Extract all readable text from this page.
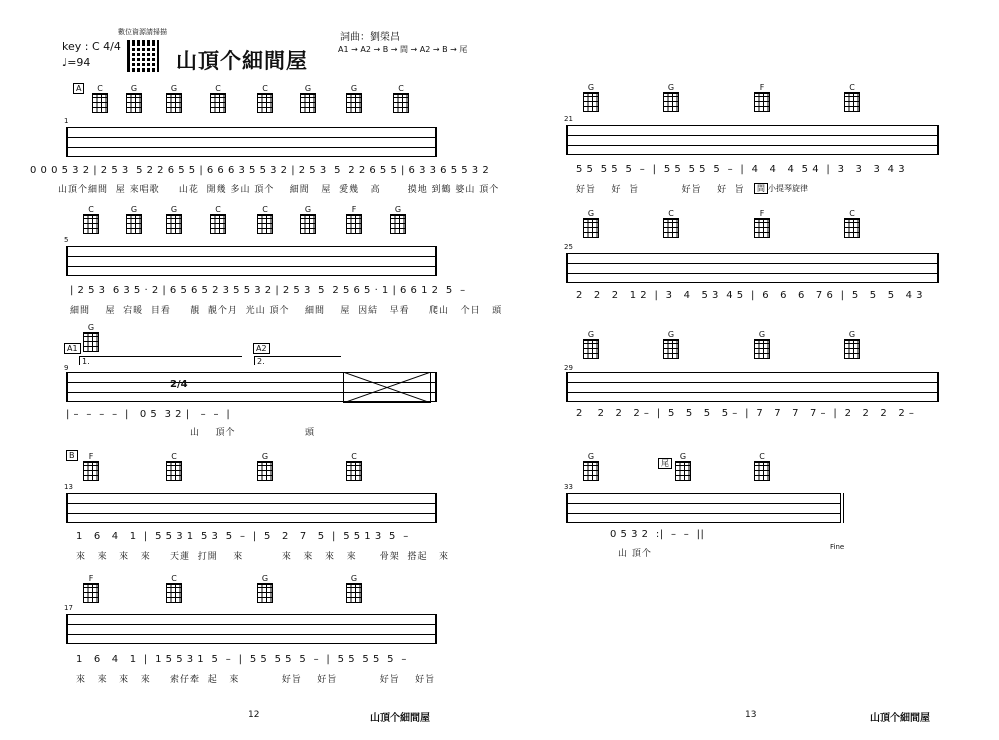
key : C 4/4
♩=94
數位資源請掃描
山頂个細間屋
詞曲：劉榮昌
A1 → A2 → B → 間 → A2 → B → 尾
A	C	G	G	C	C	G	G	C
1
0 0 0 5 3 2 | 2 5 3  5 2 2 6 5 5 | 6 6 6 3 5 5 3 2 | 2 5 3  5  2 2 6 5 5 | 6 3 3 6 5 5 3 2
山頂个細間  屋 來唱歌     山花  開幾 多山 頂个    細間   屋  愛幾   高       摸地 到鶴 婆山 頂个
C	G	G	C	C	G	F	G
5
| 2 5 3  6 3 5 · 2 | 6 5 6 5 2 3 5 5 3 2 | 2 5 3  5  2 5 6 5 · 1 | 6 6 1 2  5  –
細間    屋  宕暖  目看     靚  靚个月  光山 頂个    細間    屋  因結   早看     爬山   个日   頭
A1	A2
G
1.	2.
9
2/4
| –  –  –  –  |   0 5  3 2 |   –  –  |
山    頂个                  頭
B	F	C	G	C
13
1   6   4   1  |  5 5 3 1  5 3  5  –  |  5   2   7   5  |  5 5 1 3  5  –
來   來   來   來     天蓮  打開    來          來   來   來   來      骨架  搭起   來
F	C	G	G
17
1   6   4   1  |  1 5 5 3 1  5  –  |  5 5  5 5  5  –  |  5 5  5 5  5  –
來   來   來   來     索仔牽  起   來           好旨    好旨           好旨    好旨
12	山頂个細間屋
G	G	F	C
21
5 5  5 5  5  –  |  5 5  5 5  5  –  |  4   4   4  5 4  |  3   3   3  4 3
好旨    好  旨           好旨    好  旨	間 小提琴旋律
G	C	F	C
25
2   2   2   1 2  |  3   4   5 3  4 5  |  6   6   6   7 6  |  5   5   5   4 3
G	G	G	G
29
2    2   2   2 –  |  5   5   5   5 –  |  7   7   7   7 –  |  2   2   2   2 –
尾
G	G	C
33
0 5 3 2  :|  –  –  ||
山 頂个
Fine
13	山頂个細間屋
